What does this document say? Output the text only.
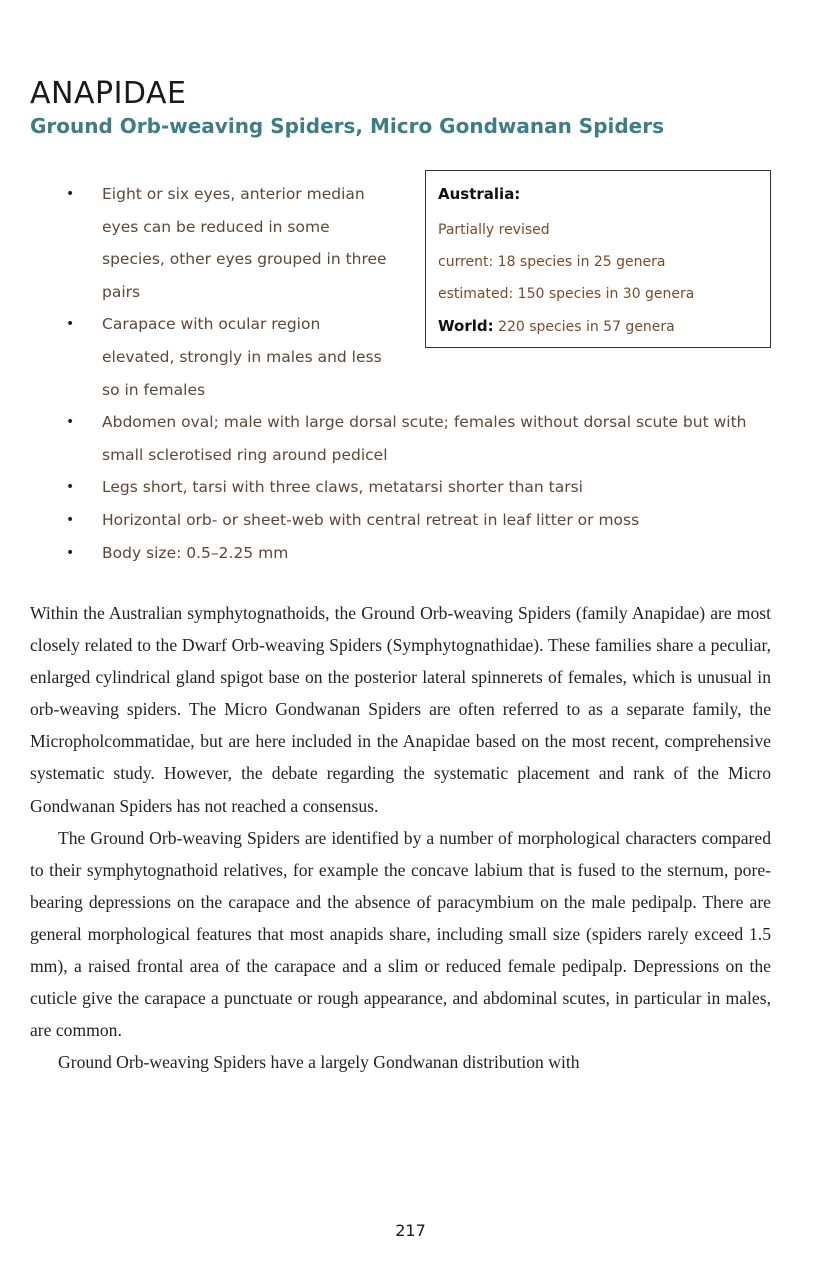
ANAPIDAE
Ground Orb-weaving Spiders, Micro Gondwanan Spiders
Australia:
Partially revised
current: 18 species in 25 genera
estimated: 150 species in 30 genera
World: 220 species in 57 genera
• Eight or six eyes, anterior median eyes can be reduced in some species, other eyes grouped in three pairs
• Carapace with ocular region elevated, strongly in males and less so in females
• Abdomen oval; male with large dorsal scute; females without dorsal scute but with small sclerotised ring around pedicel
• Legs short, tarsi with three claws, metatarsi shorter than tarsi
• Horizontal orb- or sheet-web with central retreat in leaf litter or moss
• Body size: 0.5–2.25 mm

Within the Australian symphytognathoids, the Ground Orb-weaving Spiders (family Anapidae) are most closely related to the Dwarf Orb-weaving Spiders (Symphytognathidae). These families share a peculiar, enlarged cylindrical gland spigot base on the posterior lateral spinnerets of females, which is unusual in orb-weaving spiders. The Micro Gondwanan Spiders are often referred to as a separate family, the Micropholcommatidae, but are here included in the Anapidae based on the most recent, comprehensive systematic study. However, the debate regarding the systematic placement and rank of the Micro Gondwanan Spiders has not reached a consensus.

The Ground Orb-weaving Spiders are identified by a number of morphological characters compared to their symphytognathoid relatives, for example the concave labium that is fused to the sternum, pore-bearing depressions on the carapace and the absence of paracymbium on the male pedipalp. There are general morphological features that most anapids share, including small size (spiders rarely exceed 1.5 mm), a raised frontal area of the carapace and a slim or reduced female pedipalp. Depressions on the cuticle give the carapace a punctuate or rough appearance, and abdominal scutes, in particular in males, are common.

Ground Orb-weaving Spiders have a largely Gondwanan distribution with

217
